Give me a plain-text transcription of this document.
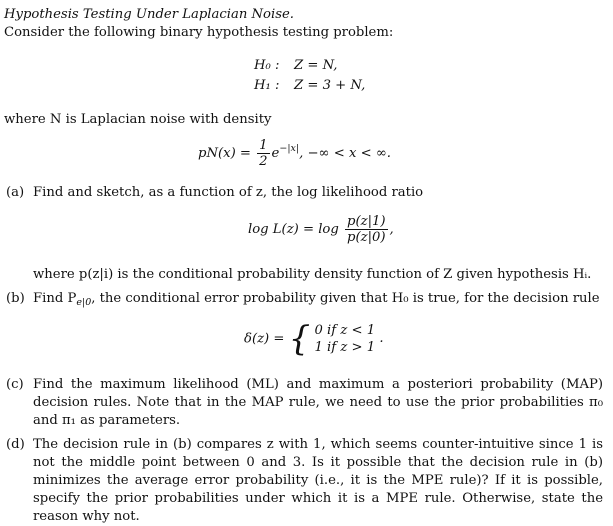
Hypothesis Testing Under Laplacian Noise.
Consider the following binary hypothesis testing problem:
H₀ : Z = N,
H₁ : Z = 3 + N,
where N is Laplacian noise with density
$pN(x) = \frac{1}{2} e^{-|x|}$, −∞ < x < ∞.
(a) Find and sketch, as a function of z, the log likelihood ratio
$\log L(z) = \log \frac{p(z|1)}{p(z|0)}$ ,
where p(z|i) is the conditional probability density function of Z given hypothesis Hᵢ.
(b) Find $P_{e|0}$, the conditional error probability given that H₀ is true, for the decision rule
δ(z) = { 0 if z < 1
1 if z > 1
.
(c) Find the maximum likelihood (ML) and maximum a posteriori probability (MAP) decision rules. Note that in the MAP rule, we need to use the prior probabilities π₀ and π₁ as parameters.
(d) The decision rule in (b) compares z with 1, which seems counter-intuitive since 1 is not the middle point between 0 and 3. Is it possible that the decision rule in (b) minimizes the average error probability (i.e., it is the MPE rule)? If it is possible, specify the prior probabilities under which it is a MPE rule. Otherwise, state the reason why not.
